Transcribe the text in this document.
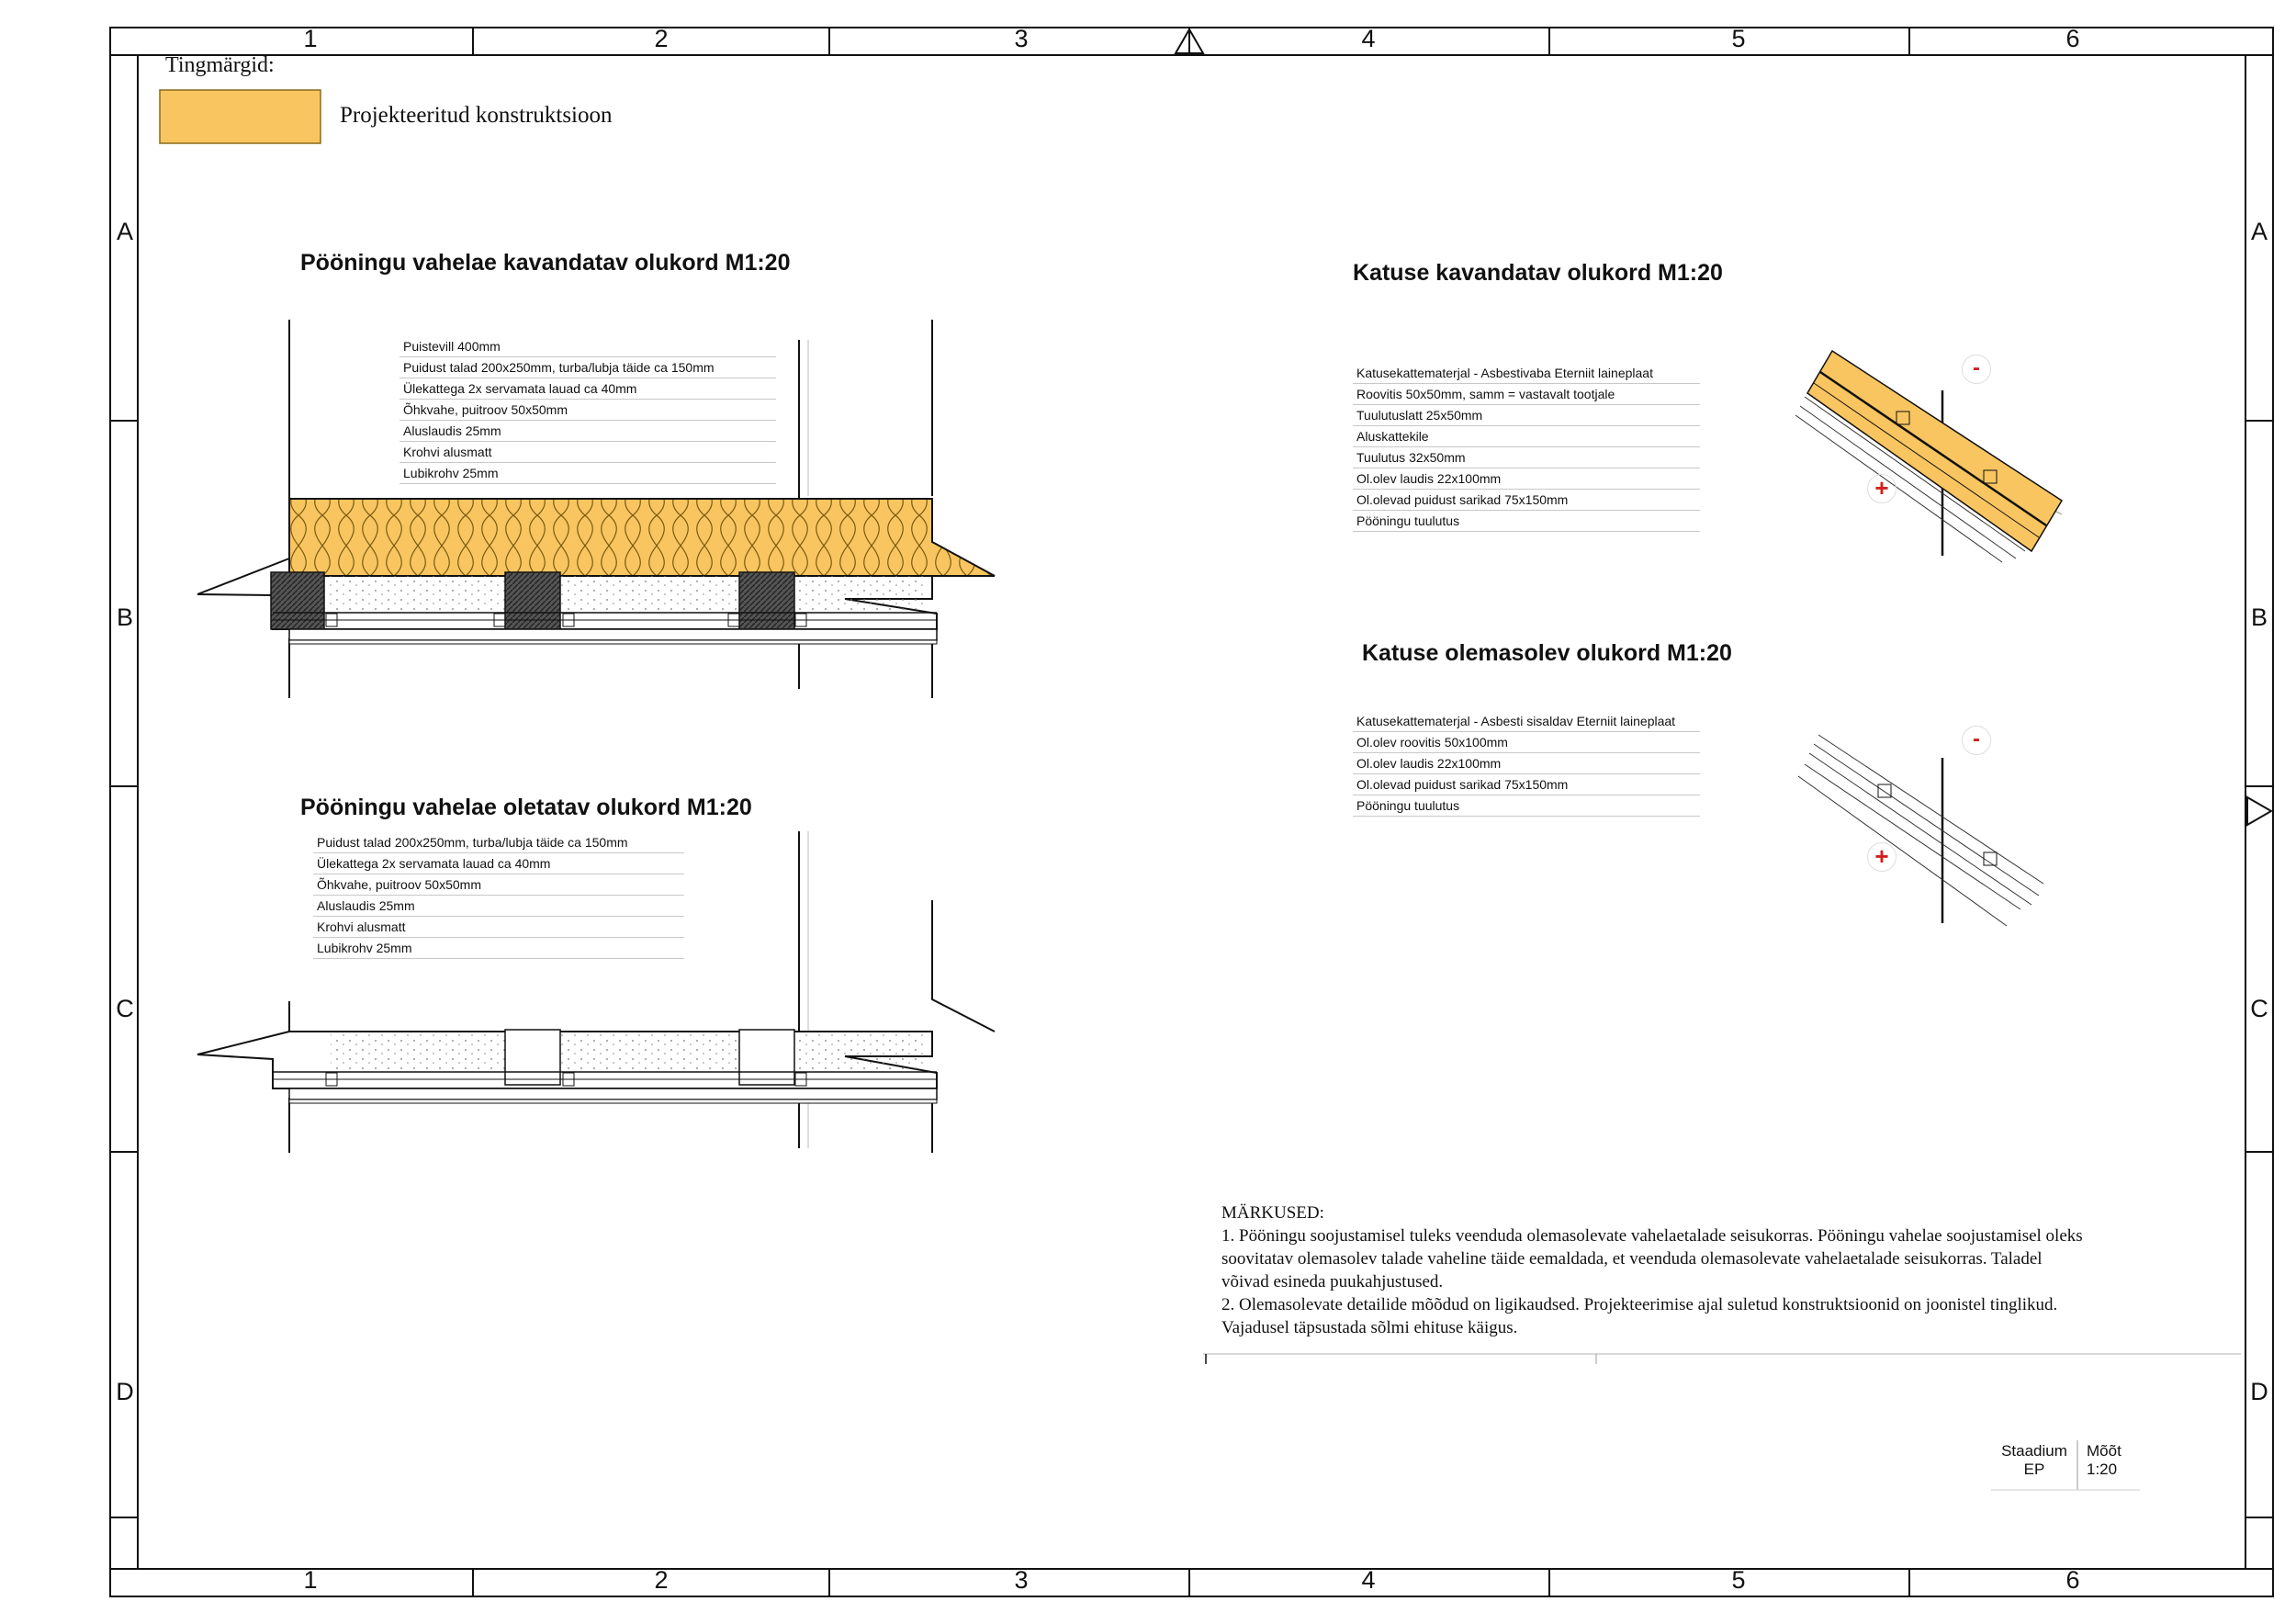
1	2	3	4	5	6
1	2	3	4	5	6
A
B
C
D
A
B
C
D
Tingmärgid:
Projekteeritud konstruktsioon
Pööningu vahelae kavandatav olukord M1:20
Pööningu vahelae oletatav olukord M1:20
Katuse kavandatav olukord M1:20
Katuse olemasolev olukord M1:20
Puistevill 400mm
Puidust talad 200x250mm, turba/lubja täide ca 150mm
Ülekattega 2x servamata lauad ca 40mm
Õhkvahe, puitroov 50x50mm
Aluslaudis 25mm
Krohvi alusmatt
Lubikrohv 25mm
Puidust talad 200x250mm, turba/lubja täide ca 150mm
Ülekattega 2x servamata lauad ca 40mm
Õhkvahe, puitroov 50x50mm
Aluslaudis 25mm
Krohvi alusmatt
Lubikrohv 25mm
Katusekattematerjal - Asbestivaba Eterniit laineplaat
Roovitis 50x50mm, samm = vastavalt tootjale
Tuulutuslatt 25x50mm
Aluskattekile
Tuulutus 32x50mm
Ol.olev laudis 22x100mm
Ol.olevad puidust sarikad 75x150mm
Pööningu tuulutus
Katusekattematerjal - Asbesti sisaldav Eterniit laineplaat
Ol.olev roovitis 50x100mm
Ol.olev laudis 22x100mm
Ol.olevad puidust sarikad 75x150mm
Pööningu tuulutus
-
+
-
+

MÄRKUSED:

1. Pööningu soojustamisel tuleks veenduda olemasolevate vahelaetalade seisukorras. Pööningu vahelae soojustamisel oleks soovitatav olemasolev talade vaheline täide eemaldada, et veenduda olemasolevate vahelaetalade seisukorras. Taladel võivad esineda puukahjustused.

2. Olemasolevate detailide mõõdud on ligikaudsed. Projekteerimise ajal suletud konstruktsioonid on joonistel tinglikud. Vajadusel täpsustada sõlmi ehituse käigus.

Staadium
EP
Mõõt
1:20
